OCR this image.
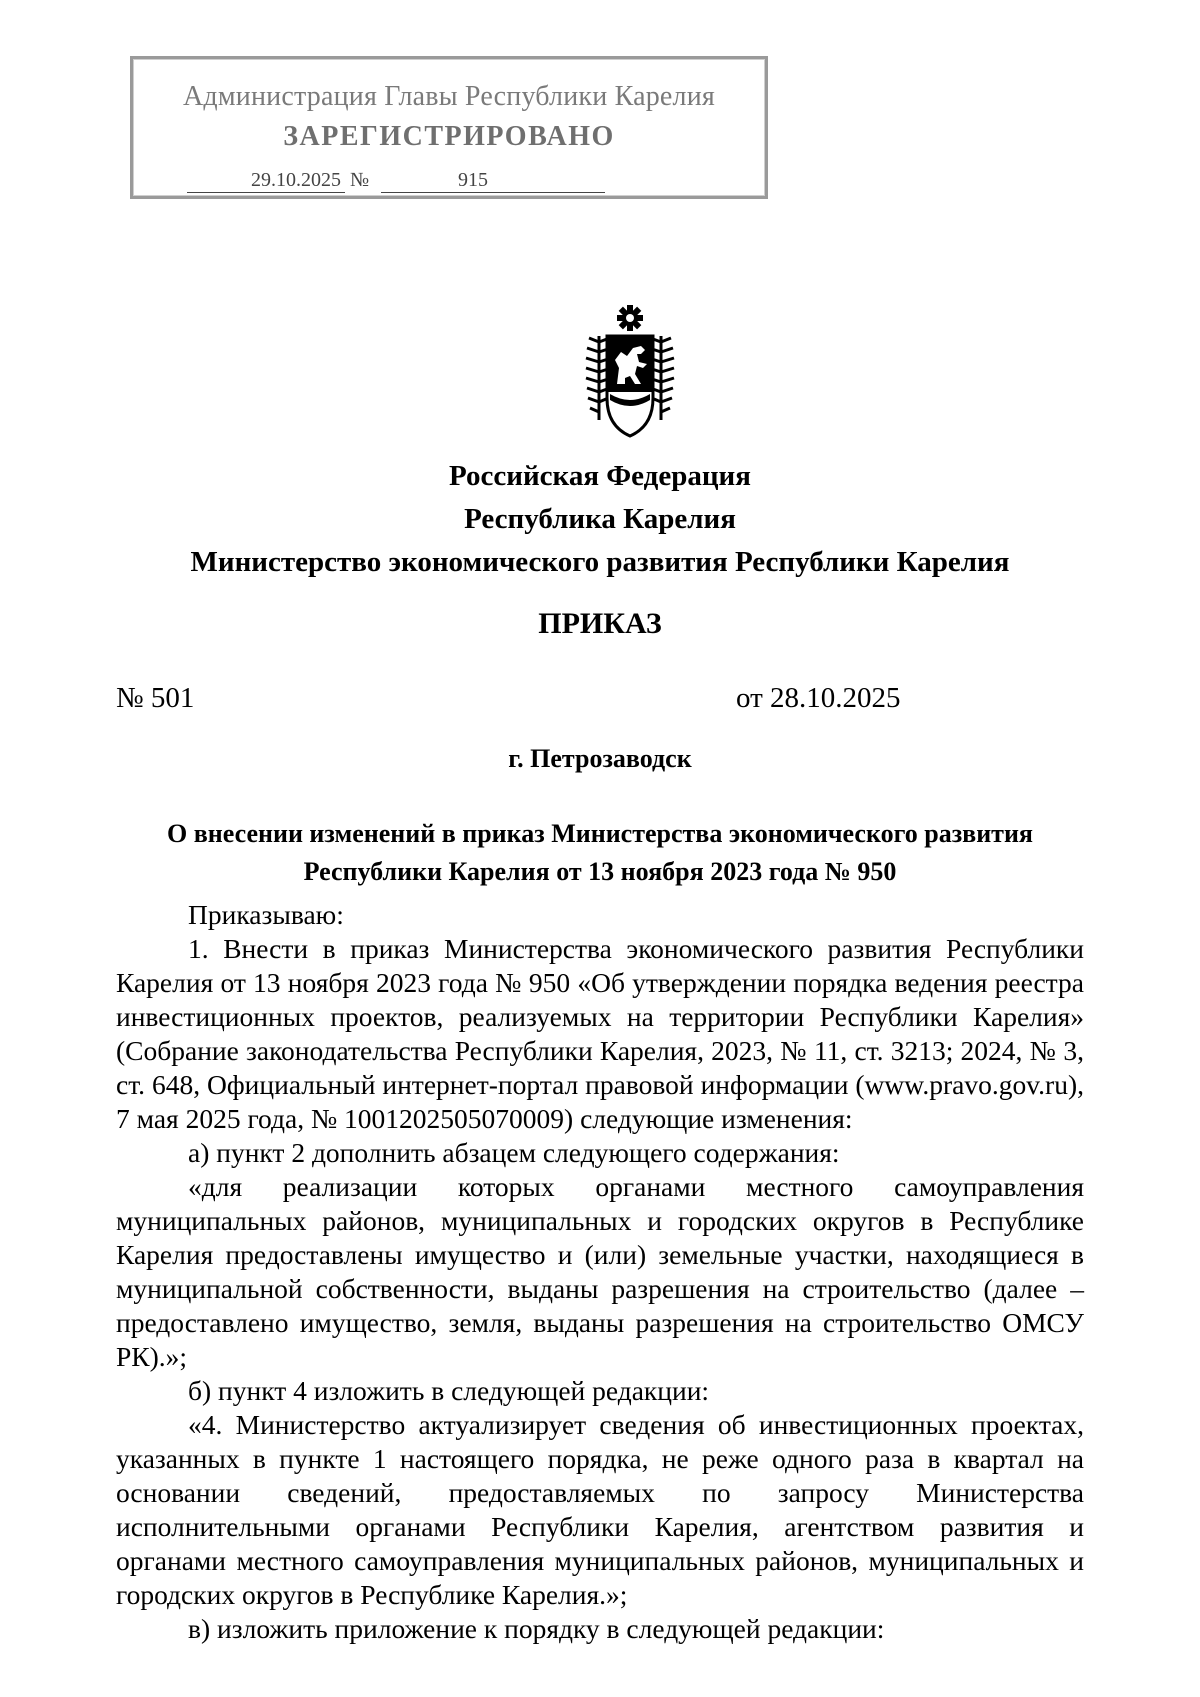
Администрация Главы Республики Карелия
ЗАРЕГИСТРИРОВАНО
29.10.2025 №	915
Российская Федерация
Республика Карелия
Министерство экономического развития Республики Карелия
ПРИКАЗ
№ 501	от 28.10.2025
г. Петрозаводск
О внесении изменений в приказ Министерства экономического развития
Республики Карелия от 13 ноября 2023 года № 950

Приказываю:

1. Внести в приказ Министерства экономического развития Республики Карелия от 13 ноября 2023 года № 950 «Об утверждении порядка ведения реестра инвестиционных проектов, реализуемых на территории Республики Карелия» (Собрание законодательства Республики Карелия, 2023, № 11, ст. 3213; 2024, № 3, ст. 648, Официальный интернет-портал правовой информации (www.pravo.gov.ru), 7 мая 2025 года, № 1001202505070009) следующие изменения:

а) пункт 2 дополнить абзацем следующего содержания:

«для реализации которых органами местного самоуправления муниципальных районов, муниципальных и городских округов в Республике Карелия предоставлены имущество и (или) земельные участки, находящиеся в муниципальной собственности, выданы разрешения на строительство (далее – предоставлено имущество, земля, выданы разрешения на строительство ОМСУ РК).»;

б) пункт 4 изложить в следующей редакции:

«4. Министерство актуализирует сведения об инвестиционных проектах, указанных в пункте 1 настоящего порядка, не реже одного раза в квартал на основании сведений, предоставляемых по запросу Министерства исполнительными органами Республики Карелия, агентством развития и органами местного самоуправления муниципальных районов, муниципальных и городских округов в Республике Карелия.»;

в) изложить приложение к порядку в следующей редакции:
